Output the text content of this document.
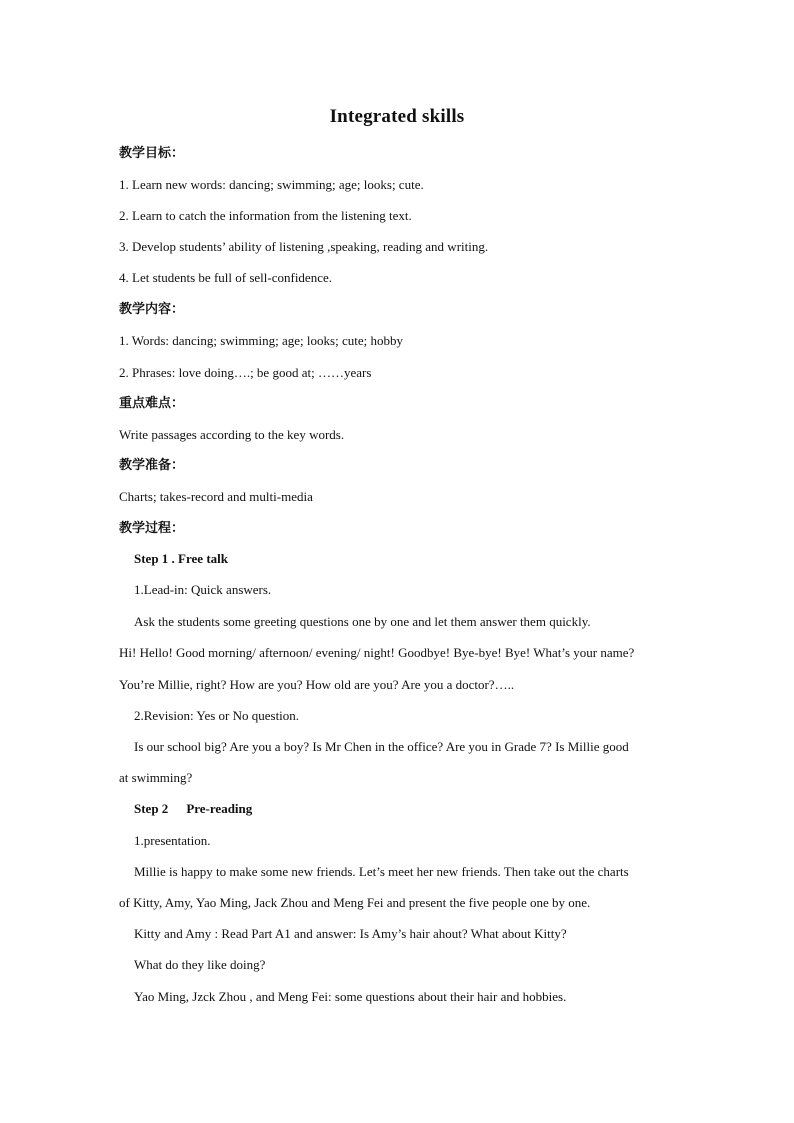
Integrated skills
教学目标：
1. Learn new words: dancing; swimming; age; looks; cute.
2. Learn to catch the information from the listening text.
3. Develop students’ ability of listening ,speaking, reading and writing.
4. Let students be full of sell-confidence.
教学内容：
1. Words: dancing; swimming; age; looks; cute; hobby
2. Phrases: love doing….; be good at; ……years
重点难点：
Write passages according to the key words.
教学准备：
Charts; takes-record and multi-media
教学过程：
Step 1 . Free talk
1.Lead-in: Quick answers.
Ask the students some greeting questions one by one and let them answer them quickly.
Hi! Hello! Good morning/ afternoon/ evening/ night! Goodbye! Bye-bye! Bye! What’s your name?
You’re Millie, right? How are you? How old are you? Are you a doctor?…..
2.Revision: Yes or No question.
Is our school big? Are you a boy? Is Mr Chen in the office? Are you in Grade 7? Is Millie good
at swimming?
Step 2 Pre-reading
1.presentation.
Millie is happy to make some new friends. Let’s meet her new friends. Then take out the charts
of Kitty, Amy, Yao Ming, Jack Zhou and Meng Fei and present the five people one by one.
Kitty and Amy : Read Part A1 and answer: Is Amy’s hair ahout? What about Kitty?
What do they like doing?
Yao Ming, Jzck Zhou , and Meng Fei: some questions about their hair and hobbies.
